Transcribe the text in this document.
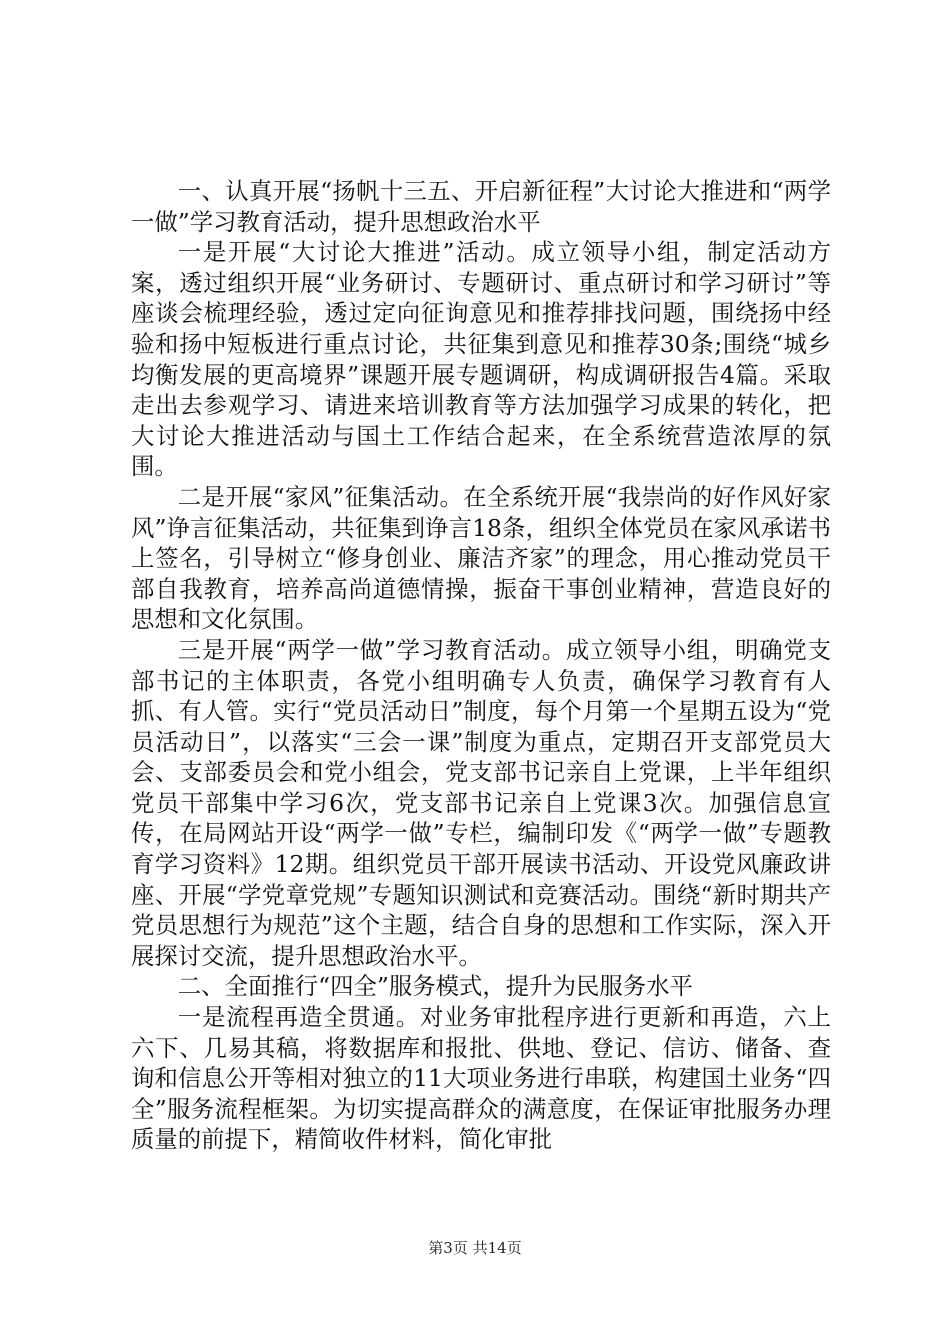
一、认真开展“扬帆十三五、开启新征程”大讨论大推进和“两学一做”学习教育活动，提升思想政治水平

一是开展“大讨论大推进”活动。成立领导小组，制定活动方案，透过组织开展“业务研讨、专题研讨、重点研讨和学习研讨”等座谈会梳理经验，透过定向征询意见和推荐排找问题，围绕扬中经验和扬中短板进行重点讨论，共征集到意见和推荐30条;围绕“城乡均衡发展的更高境界”课题开展专题调研，构成调研报告4篇。采取走出去参观学习、请进来培训教育等方法加强学习成果的转化，把大讨论大推进活动与国土工作结合起来，在全系统营造浓厚的氛围。

二是开展“家风”征集活动。在全系统开展“我崇尚的好作风好家风”诤言征集活动，共征集到诤言18条，组织全体党员在家风承诺书上签名，引导树立“修身创业、廉洁齐家”的理念，用心推动党员干部自我教育，培养高尚道德情操，振奋干事创业精神，营造良好的思想和文化氛围。

三是开展“两学一做”学习教育活动。成立领导小组，明确党支部书记的主体职责，各党小组明确专人负责，确保学习教育有人抓、有人管。实行“党员活动日”制度，每个月第一个星期五设为“党员活动日”，以落实“三会一课”制度为重点，定期召开支部党员大会、支部委员会和党小组会，党支部书记亲自上党课，上半年组织党员干部集中学习6次，党支部书记亲自上党课3次。加强信息宣传，在局网站开设“两学一做”专栏，编制印发《“两学一做”专题教育学习资料》12期。组织党员干部开展读书活动、开设党风廉政讲座、开展“学党章党规”专题知识测试和竞赛活动。围绕“新时期共产党员思想行为规范”这个主题，结合自身的思想和工作实际，深入开展探讨交流，提升思想政治水平。

二、全面推行“四全”服务模式，提升为民服务水平

一是流程再造全贯通。对业务审批程序进行更新和再造，六上六下、几易其稿，将数据库和报批、供地、登记、信访、储备、查询和信息公开等相对独立的11大项业务进行串联，构建国土业务“四全”服务流程框架。为切实提高群众的满意度，在保证审批服务办理质量的前提下，精简收件材料，简化审批

第3页 共14页
